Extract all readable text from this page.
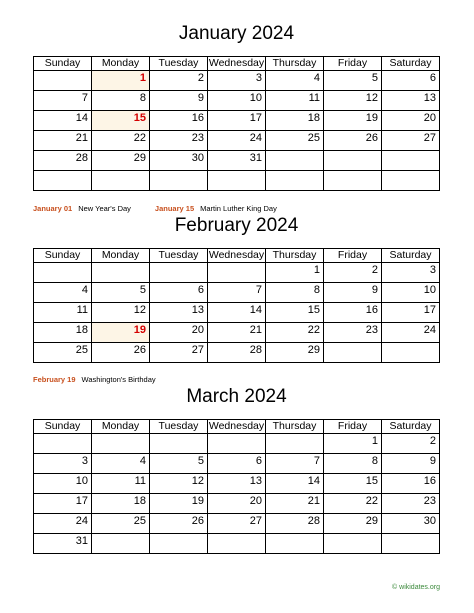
January 2024
Sunday	Monday	Tuesday	Wednesday	Thursday	Friday	Saturday
	1	2	3	4	5	6
7	8	9	10	11	12	13
14	15	16	17	18	19	20
21	22	23	24	25	26	27
28	29	30	31			

January 01 New Year's Day	January 15 Martin Luther King Day
February 2024
Sunday	Monday	Tuesday	Wednesday	Thursday	Friday	Saturday
				1	2	3
4	5	6	7	8	9	10
11	12	13	14	15	16	17
18	19	20	21	22	23	24
25	26	27	28	29		
February 19 Washington's Birthday
March 2024
Sunday	Monday	Tuesday	Wednesday	Thursday	Friday	Saturday
					1	2
3	4	5	6	7	8	9
10	11	12	13	14	15	16
17	18	19	20	21	22	23
24	25	26	27	28	29	30
31						
© wikidates.org
